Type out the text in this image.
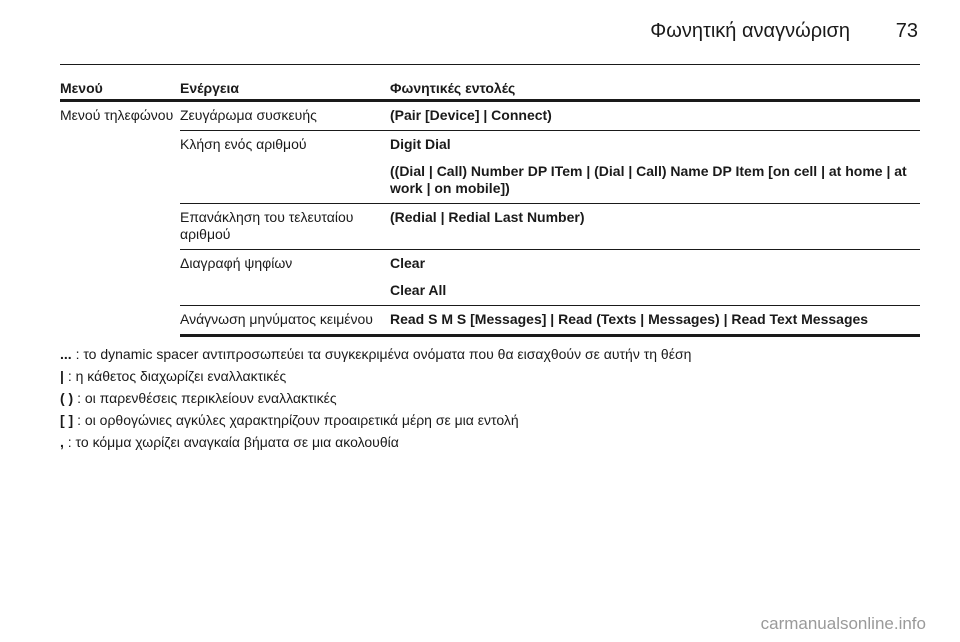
Φωνητική αναγνώριση 73
Μενού	Ενέργεια	Φωνητικές εντολές
Μενού τηλεφώνου	Ζευγάρωμα συσκευής	(Pair [Device] | Connect)
	Κλήση ενός αριθμού	Digit Dial
((Dial | Call) Number DP ITem | (Dial | Call) Name DP Item [on cell | at home | at work | on mobile])

	Επανάκληση του τελευταίου αριθμού	(Redial | Redial Last Number)
	Διαγραφή ψηφίων	Clear
Clear All

	Ανάγνωση μηνύματος κειμένου	Read S M S [Messages] | Read (Texts | Messages) | Read Text Messages
... : το dynamic spacer αντιπροσωπεύει τα συγκεκριμένα ονόματα που θα εισαχθούν σε αυτήν τη θέση
| : η κάθετος διαχωρίζει εναλλακτικές
( ) : οι παρενθέσεις περικλείουν εναλλακτικές
[ ] : οι ορθογώνιες αγκύλες χαρακτηρίζουν προαιρετικά μέρη σε μια εντολή
, : το κόμμα χωρίζει αναγκαία βήματα σε μια ακολουθία
carmanualsonline.info
